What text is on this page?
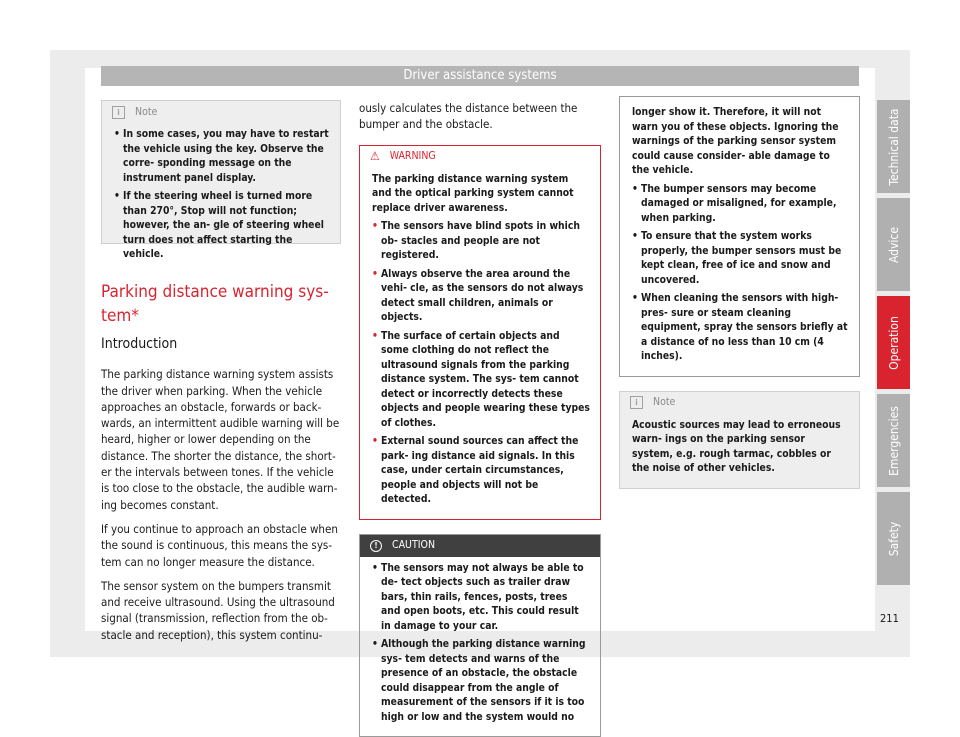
Driver assistance systems
i	Note
• In some cases, you may have to restart the vehicle using the key. Observe the corre- sponding message on the instrument panel display.
• If the steering wheel is turned more than 270°, Stop will not function; however, the an- gle of steering wheel turn does not affect starting the vehicle.
Parking distance warning sys- tem*
Introduction

The parking distance warning system assists the driver when parking. When the vehicle approaches an obstacle, forwards or back- wards, an intermittent audible warning will be heard, higher or lower depending on the distance. The shorter the distance, the short- er the intervals between tones. If the vehicle is too close to the obstacle, the audible warn- ing becomes constant.

If you continue to approach an obstacle when the sound is continuous, this means the sys- tem can no longer measure the distance.

The sensor system on the bumpers transmit and receive ultrasound. Using the ultrasound signal (transmission, reflection from the ob- stacle and reception), this system continu-

ously calculates the distance between the bumper and the obstacle.

⚠ WARNING

The parking distance warning system and the optical parking system cannot replace driver awareness.

• The sensors have blind spots in which ob- stacles and people are not registered.
• Always observe the area around the vehi- cle, as the sensors do not always detect small children, animals or objects.
• The surface of certain objects and some clothing do not reflect the ultrasound signals from the parking distance system. The sys- tem cannot detect or incorrectly detects these objects and people wearing these types of clothes.
• External sound sources can affect the park- ing distance aid signals. In this case, under certain circumstances, people and objects will not be detected.
!	CAUTION
• The sensors may not always be able to de- tect objects such as trailer draw bars, thin rails, fences, posts, trees and open boots, etc. This could result in damage to your car.
• Although the parking distance warning sys- tem detects and warns of the presence of an obstacle, the obstacle could disappear from the angle of measurement of the sensors if it is too high or low and the system would no

longer show it. Therefore, it will not warn you of these objects. Ignoring the warnings of the parking sensor system could cause consider- able damage to the vehicle.

• The bumper sensors may become damaged or misaligned, for example, when parking.
• To ensure that the system works properly, the bumper sensors must be kept clean, free of ice and snow and uncovered.
• When cleaning the sensors with high-pres- sure or steam cleaning equipment, spray the sensors briefly at a distance of no less than 10 cm (4 inches).
i	Note

Acoustic sources may lead to erroneous warn- ings on the parking sensor system, e.g. rough tarmac, cobbles or the noise of other vehicles.

Technical data
Advice
Operation
Emergencies
Safety
211
